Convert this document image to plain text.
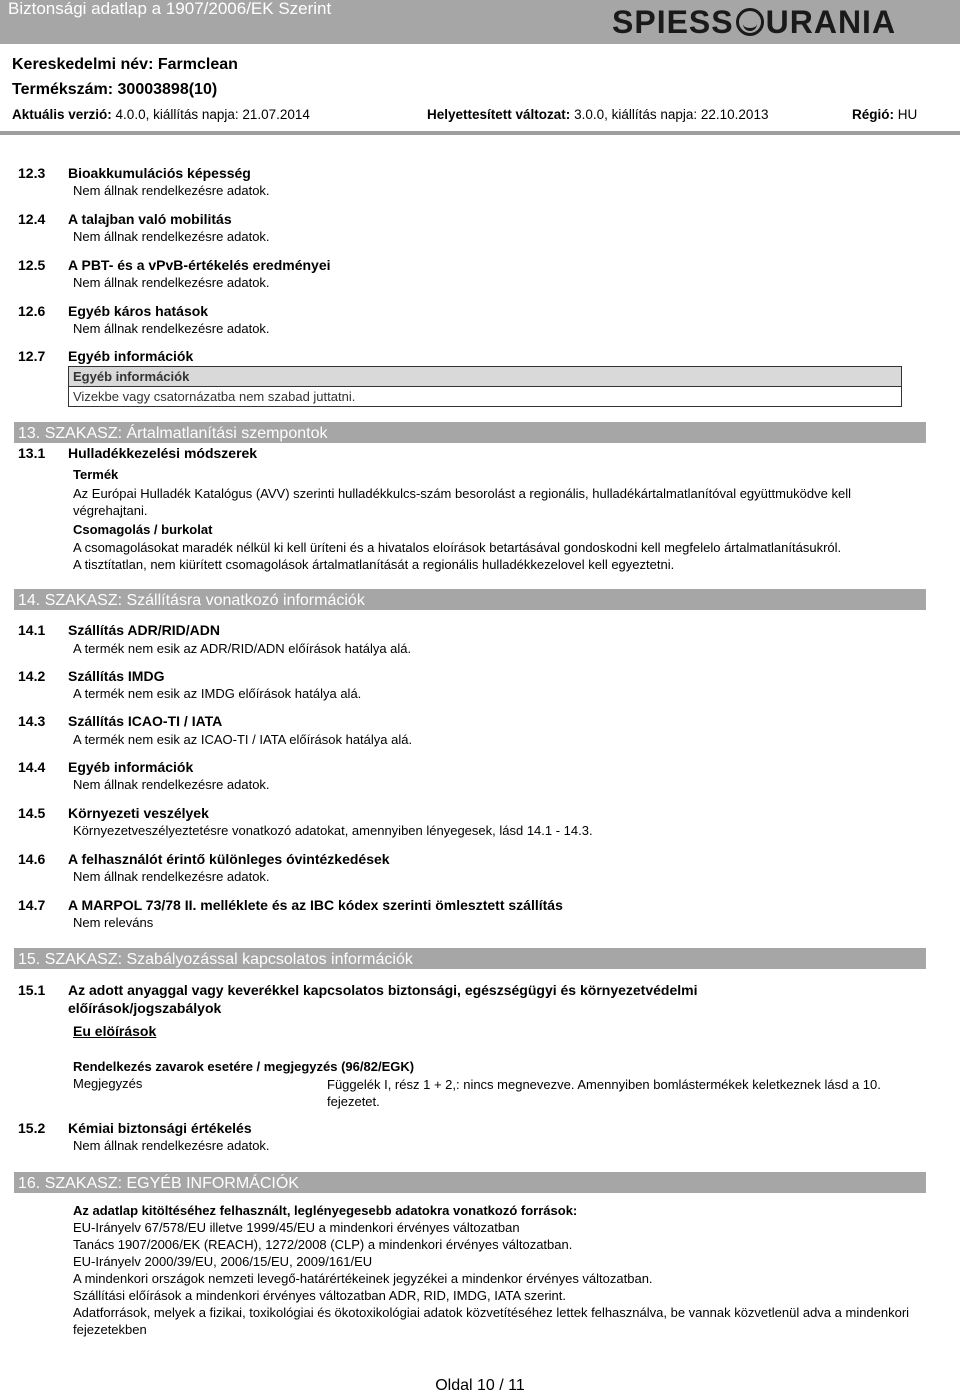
Biztonsági adatlap a 1907/2006/EK Szerint	SPIESS URANIA
Kereskedelmi név: Farmclean
Termékszám: 30003898(10)
Aktuális verzió: 4.0.0, kiállítás napja: 21.07.2014	Helyettesített változat: 3.0.0, kiállítás napja: 22.10.2013	Régió: HU
12.3 Bioakkumulációs képesség
Nem állnak rendelkezésre adatok.
12.4 A talajban való mobilitás
Nem állnak rendelkezésre adatok.
12.5 A PBT- és a vPvB-értékelés eredményei
Nem állnak rendelkezésre adatok.
12.6 Egyéb káros hatások
Nem állnak rendelkezésre adatok.
12.7 Egyéb információk
Egyéb információk
Vizekbe vagy csatornázatba nem szabad juttatni.
13. SZAKASZ: Ártalmatlanítási szempontok
13.1 Hulladékkezelési módszerek
Termék
Az Európai Hulladék Katalógus (AVV) szerinti hulladékkulcs-szám besorolást a regionális, hulladékártalmatlanítóval együttmuködve kell végrehajtani.
Csomagolás / burkolat
A csomagolásokat maradék nélkül ki kell üríteni és a hivatalos eloírások betartásával gondoskodni kell megfelelo ártalmatlanításukról.
A tisztítatlan, nem kiürített csomagolások ártalmatlanítását a regionális hulladékkezelovel kell egyeztetni.
14. SZAKASZ: Szállításra vonatkozó információk
14.1 Szállítás ADR/RID/ADN
A termék nem esik az ADR/RID/ADN előírások hatálya alá.
14.2 Szállítás IMDG
A termék nem esik az IMDG előírások hatálya alá.
14.3 Szállítás ICAO-TI / IATA
A termék nem esik az ICAO-TI / IATA előírások hatálya alá.
14.4 Egyéb információk
Nem állnak rendelkezésre adatok.
14.5 Környezeti veszélyek
Környezetveszélyeztetésre vonatkozó adatokat, amennyiben lényegesek, lásd 14.1 - 14.3.
14.6 A felhasználót érintő különleges óvintézkedések
Nem állnak rendelkezésre adatok.
14.7 A MARPOL 73/78 II. melléklete és az IBC kódex szerinti ömlesztett szállítás
Nem releváns
15. SZAKASZ: Szabályozással kapcsolatos információk
15.1 Az adott anyaggal vagy keverékkel kapcsolatos biztonsági, egészségügyi és környezetvédelmi
előírások/jogszabályok
Eu elöírások
Rendelkezés zavarok esetére / megjegyzés (96/82/EGK)
Megjegyzés	Függelék I, rész 1 + 2,: nincs megnevezve. Amennyiben bomlástermékek keletkeznek lásd a 10. fejezetet.
15.2 Kémiai biztonsági értékelés
Nem állnak rendelkezésre adatok.
16. SZAKASZ: EGYÉB INFORMÁCIÓK
Az adatlap kitöltéséhez felhasznált, leglényegesebb adatokra vonatkozó források:
EU-Irányelv 67/578/EU illetve 1999/45/EU a mindenkori érvényes változatban
Tanács 1907/2006/EK (REACH), 1272/2008 (CLP) a mindenkori érvényes változatban.
EU-Irányelv 2000/39/EU, 2006/15/EU, 2009/161/EU
A mindenkori országok nemzeti levegő-határértékeinek jegyzékei a mindenkor érvényes változatban.
Szállítási előírások a mindenkori érvényes változatban ADR, RID, IMDG, IATA szerint.
Adatforrások, melyek a fizikai, toxikológiai és ökotoxikológiai adatok közvetítéséhez lettek felhasználva, be vannak közvetlenül adva a mindenkori fejezetekben
Oldal 10 / 11
